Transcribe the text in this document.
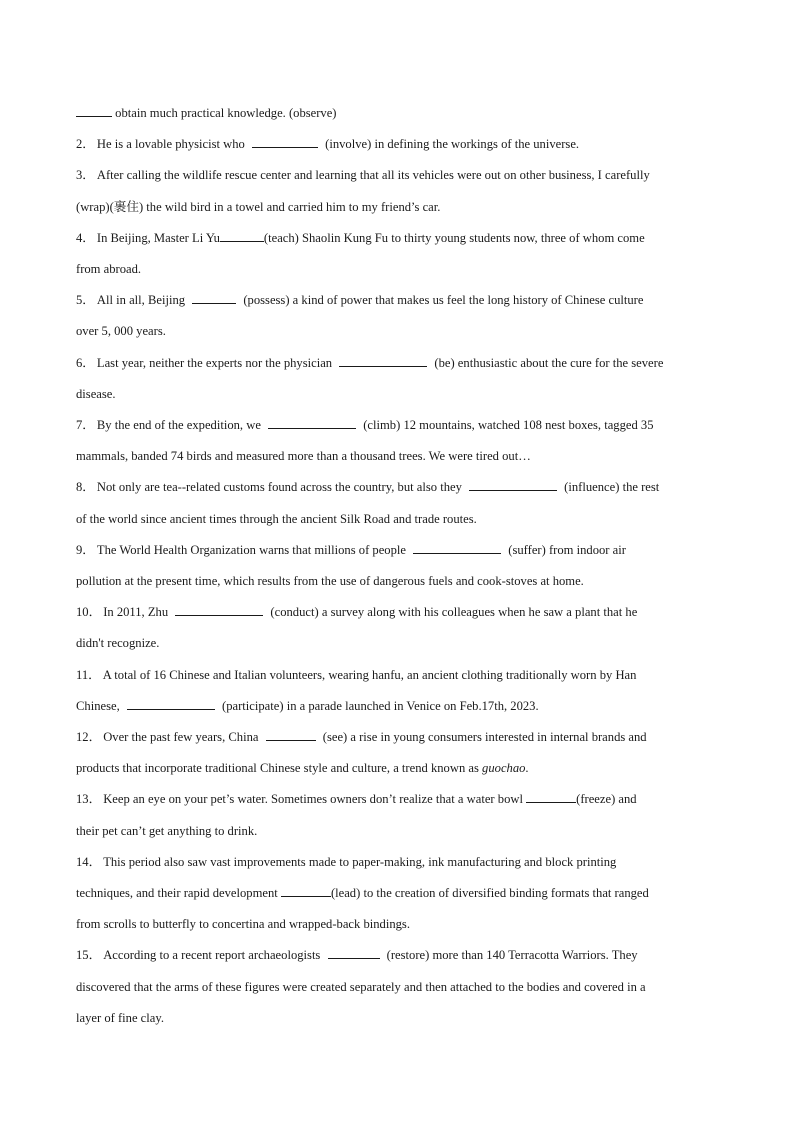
obtain much practical knowledge. (observe)
2． He is a lovable physicist who	(involve) in defining the workings of the universe.
3． After calling the wildlife rescue center and learning that all its vehicles were out on other business, I carefully
(wrap)(裹住) the wild bird in a towel and carried him to my friend’s car.
4． In Beijing, Master Li Yu	(teach) Shaolin Kung Fu to thirty young students now, three of whom come
from abroad.
5． All in all, Beijing	(possess) a kind of power that makes us feel the long history of Chinese culture
over 5, 000 years.
6． Last year, neither the experts nor the physician	(be) enthusiastic about the cure for the severe
disease.
7． By the end of the expedition, we	(climb) 12 mountains, watched 108 nest boxes, tagged 35
mammals, banded 74 birds and measured more than a thousand trees. We were tired out…
8． Not only are tea--related customs found across the country, but also they	(influence) the rest
of the world since ancient times through the ancient Silk Road and trade routes.
9． The World Health Organization warns that millions of people	(suffer) from indoor air
pollution at the present time, which results from the use of dangerous fuels and cook-stoves at home.
10． In 2011, Zhu	(conduct) a survey along with his colleagues when he saw a plant that he
didn't recognize.
11． A total of 16 Chinese and Italian volunteers, wearing hanfu, an ancient clothing traditionally worn by Han
Chinese,	(participate) in a parade launched in Venice on Feb.17th, 2023.
12． Over the past few years, China	(see) a rise in young consumers interested in internal brands and
products that incorporate traditional Chinese style and culture, a trend known as guochao.
13． Keep an eye on your pet’s water. Sometimes owners don’t realize that a water bowl	(freeze) and
their pet can’t get anything to drink.
14． This period also saw vast improvements made to paper-making, ink manufacturing and block printing
techniques, and their rapid development	(lead) to the creation of diversified binding formats that ranged
from scrolls to butterfly to concertina and wrapped-back bindings.
15． According to a recent report archaeologists	(restore) more than 140 Terracotta Warriors. They
discovered that the arms of these figures were created separately and then attached to the bodies and covered in a
layer of fine clay.
